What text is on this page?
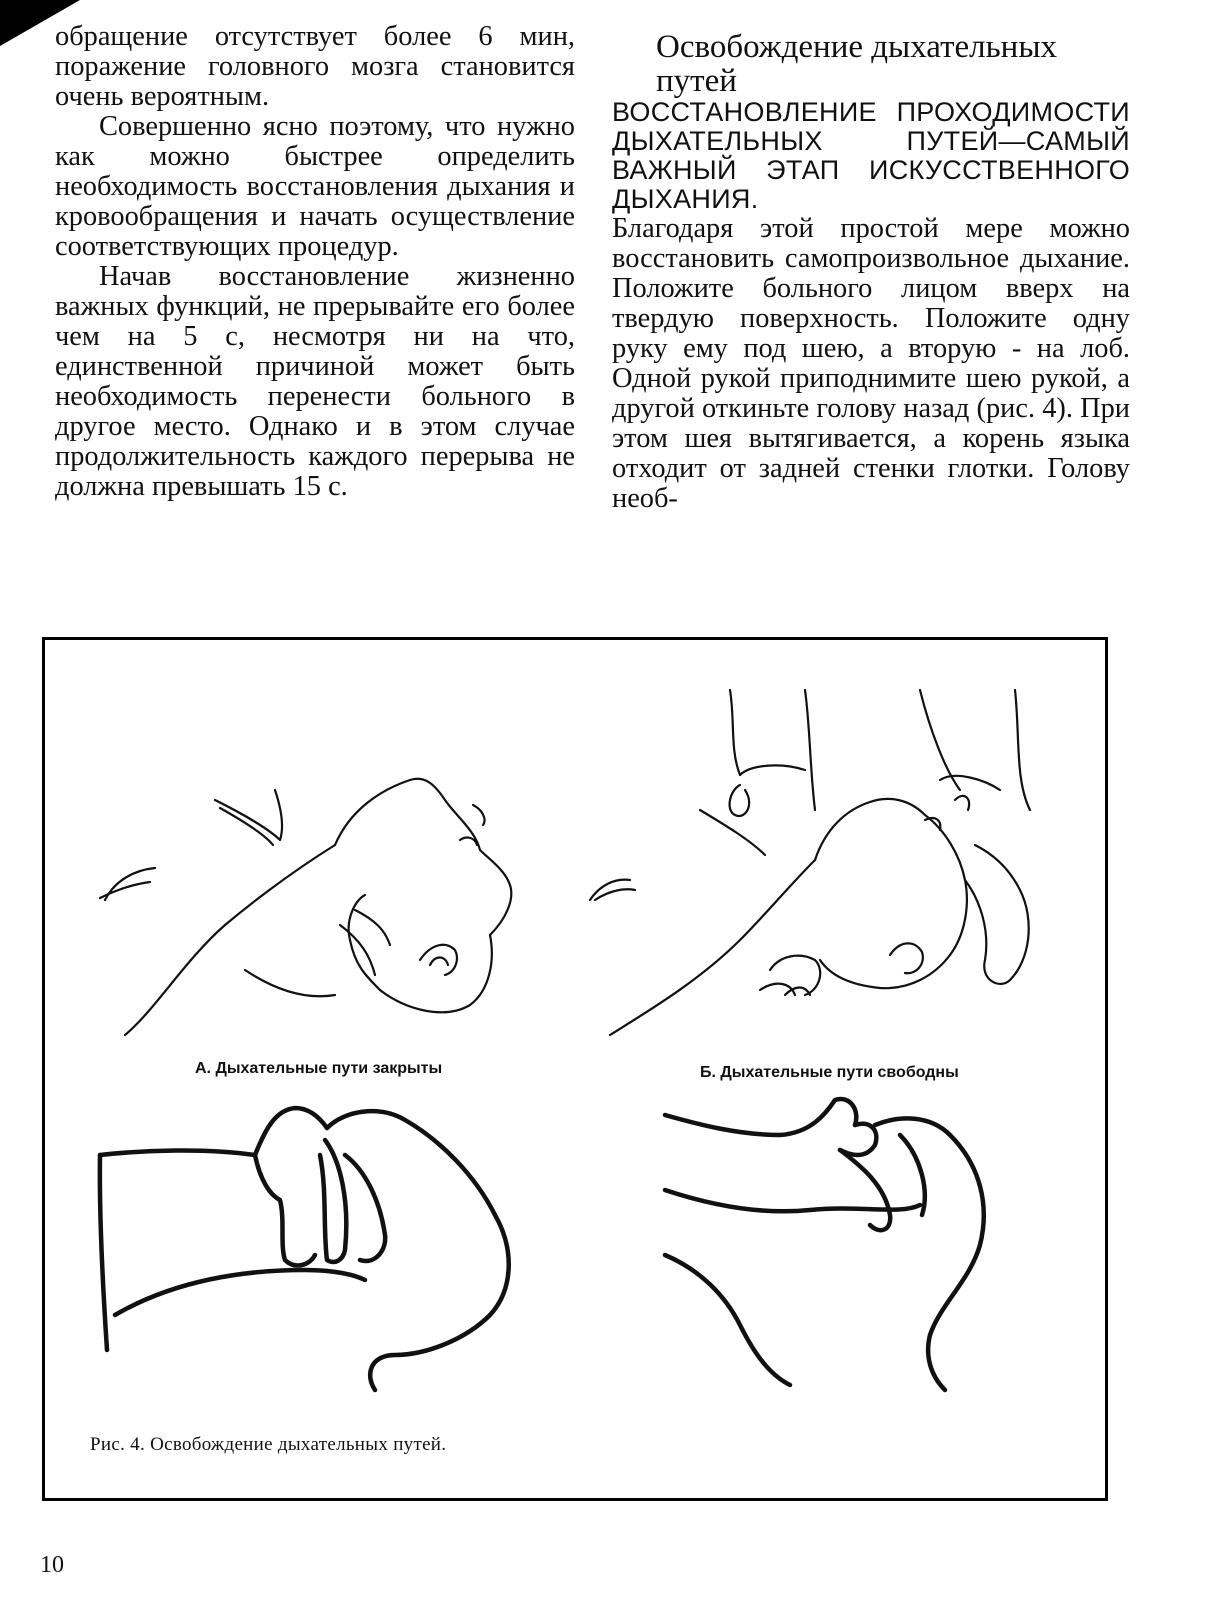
обращение отсутствует более 6 мин, поражение головного мозга становится очень вероятным.

Совершенно ясно поэтому, что нужно как можно быстрее определить необходимость восстановления дыхания и кровообращения и начать осуществление соответствующих процедур.

Начав восстановление жизненно важных функций, не прерывайте его более чем на 5 с, несмотря ни на что, единственной причиной может быть необходимость перенести больного в другое место. Однако и в этом случае продолжительность каждого перерыва не должна превышать 15 с.

Освобождение дыхательных путей

ВОССТАНОВЛЕНИЕ ПРОХОДИМОСТИ ДЫХАТЕЛЬНЫХ ПУТЕЙ—САМЫЙ ВАЖНЫЙ ЭТАП ИСКУССТВЕННОГО ДЫХАНИЯ.

Благодаря этой простой мере можно восстановить самопроизвольное дыхание. Положите больного лицом вверх на твердую поверхность. Положите одну руку ему под шею, а вторую - на лоб. Одной рукой приподнимите шею рукой, а другой откиньте голову назад (рис. 4). При этом шея вытягивается, а корень языка отходит от задней стенки глотки. Голову необ-

А. Дыхательные пути закрыты	Б. Дыхательные пути свободны
Рис. 4. Освобождение дыхательных путей.
10
